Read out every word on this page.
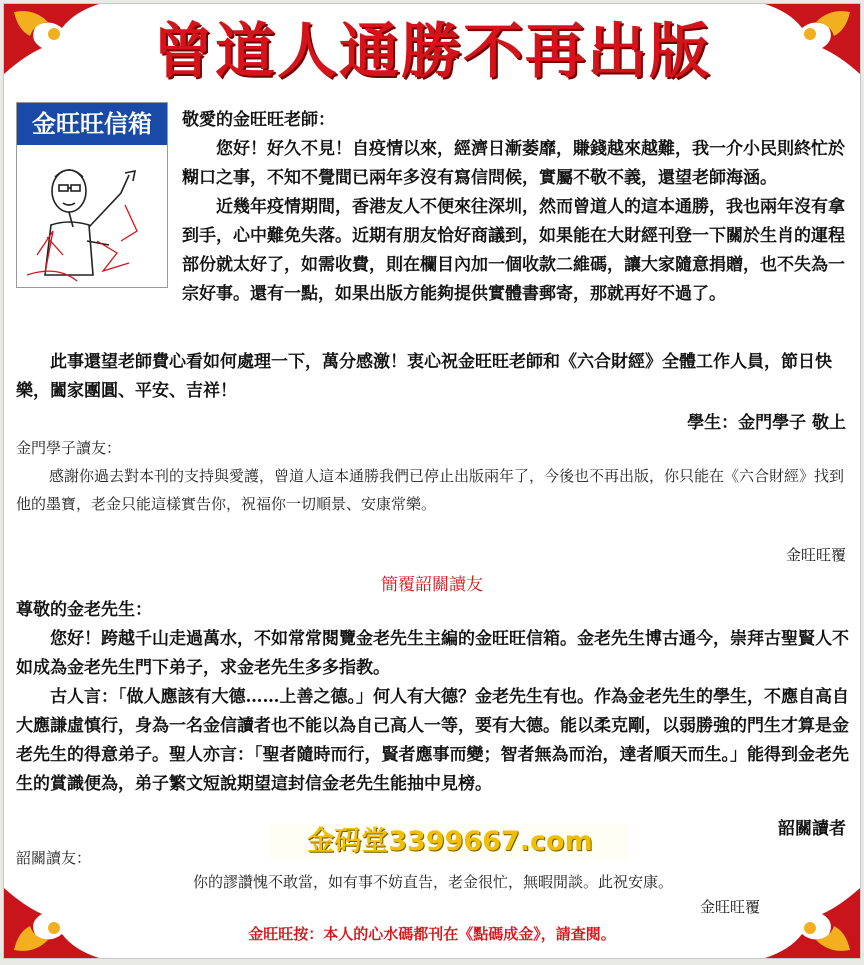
曾道人通勝不再出版
金旺旺信箱	敬愛的金旺旺老師：

您好！好久不見！自疫情以來，經濟日漸萎靡，賺錢越來越難，我一介小民則終忙於糊口之事，不知不覺間已兩年多沒有寫信問候，實屬不敬不義，還望老師海涵。

近幾年疫情期間，香港友人不便來往深圳，然而曾道人的這本通勝，我也兩年沒有拿到手，心中難免失落。近期有朋友恰好商議到，如果能在大財經刊登一下關於生肖的運程部份就太好了，如需收費，則在欄目內加一個收款二維碼，讓大家隨意捐贈，也不失為一宗好事。還有一點，如果出版方能夠提供實體書郵寄，那就再好不過了。

此事還望老師費心看如何處理一下，萬分感激！衷心祝金旺旺老師和《六合財經》全體工作人員，節日快樂，闔家團圓、平安、吉祥！

學生：金門學子 敬上

金門學子讀友：

感謝你過去對本刊的支持與愛護，曾道人這本通勝我們已停止出版兩年了，今後也不再出版，你只能在《六合財經》找到他的墨寶，老金只能這樣實告你，祝福你一切順景、安康常樂。

金旺旺覆
簡覆韶關讀友

尊敬的金老先生：

您好！跨越千山走過萬水，不如常常閱覽金老先生主編的金旺旺信箱。金老先生博古通今，崇拜古聖賢人不如成為金老先生門下弟子，求金老先生多多指教。

古人言：「做人應該有大德……上善之德。」何人有大德？金老先生有也。作為金老先生的學生，不應自高自大應謙虛慎行，身為一名金信讀者也不能以為自己高人一等，要有大德。能以柔克剛，以弱勝強的門生才算是金老先生的得意弟子。聖人亦言：「聖者隨時而行，賢者應事而變；智者無為而治，達者順天而生。」能得到金老先生的賞識便為，弟子繁文短說期望這封信金老先生能抽中見榜。

韶關讀者
金码堂3399667.com

韶關讀友：

你的謬讚愧不敢當，如有事不妨直告，老金很忙，無暇閒談。此祝安康。

金旺旺覆
金旺旺按：本人的心水碼都刊在《點碼成金》，請查閱。
